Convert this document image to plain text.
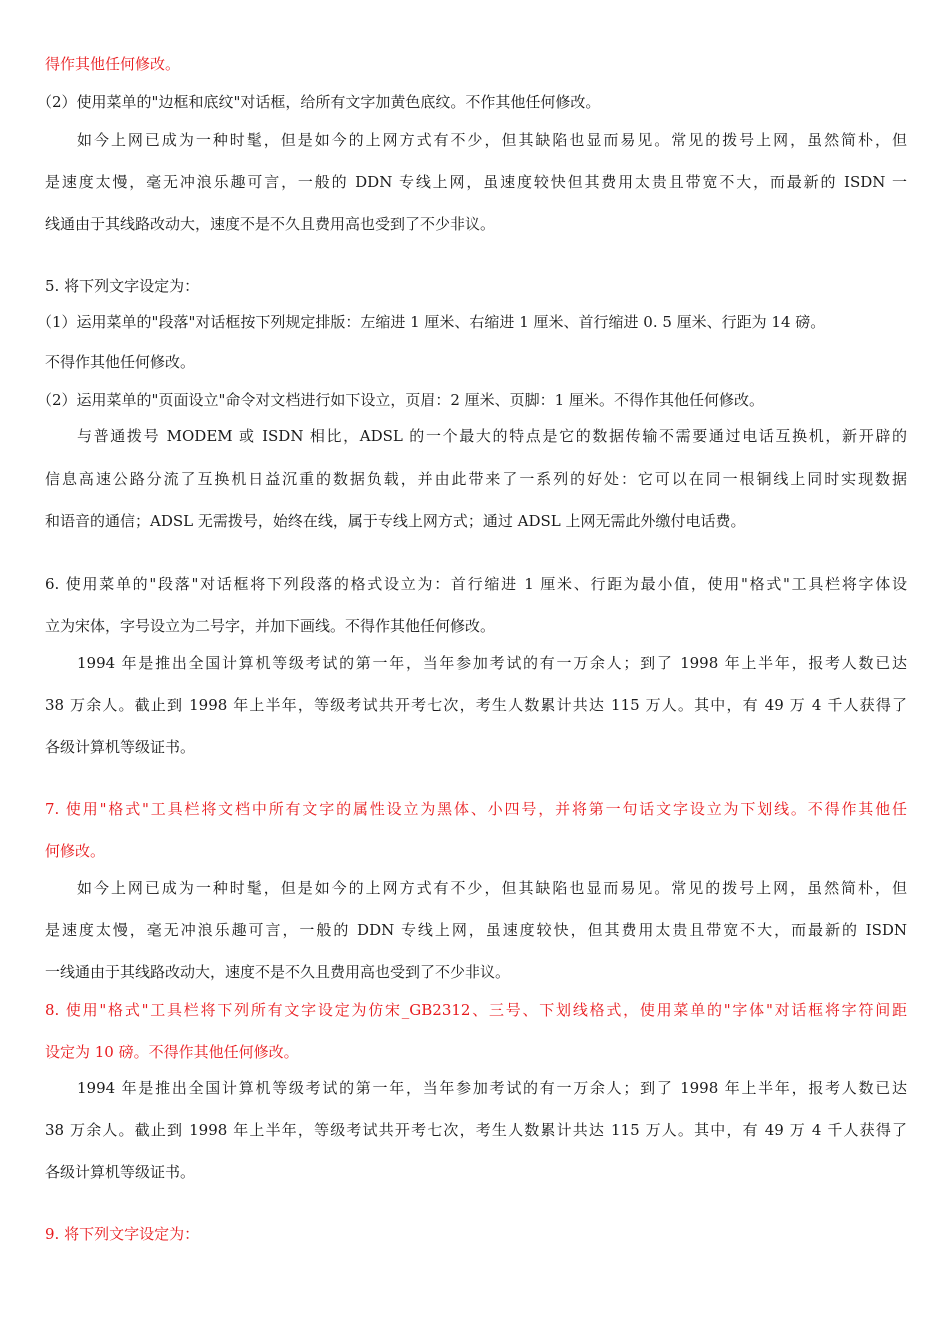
得作其他任何修改。
（2）使用菜单的"边框和底纹"对话框，给所有文字加黄色底纹。不作其他任何修改。
如今上网已成为一种时髦，但是如今的上网方式有不少，但其缺陷也显而易见。常见的拨号上网，虽然简朴，但
是速度太慢，毫无冲浪乐趣可言，一般的 DDN 专线上网，虽速度较快但其费用太贵且带宽不大，而最新的 ISDN 一
线通由于其线路改动大，速度不是不久且费用高也受到了不少非议。
5. 将下列文字设定为：
（1）运用菜单的"段落"对话框按下列规定排版：左缩进 1 厘米、右缩进 1 厘米、首行缩进 0. 5 厘米、行距为 14 磅。
不得作其他任何修改。
（2）运用菜单的"页面设立"命令对文档进行如下设立，页眉：2 厘米、页脚：1 厘米。不得作其他任何修改。
与普通拨号 MODEM 或 ISDN 相比，ADSL 的一个最大的特点是它的数据传输不需要通过电话互换机，新开辟的
信息高速公路分流了互换机日益沉重的数据负载，并由此带来了一系列的好处：它可以在同一根铜线上同时实现数据
和语音的通信；ADSL 无需拨号，始终在线，属于专线上网方式；通过 ADSL 上网无需此外缴付电话费。
6. 使用菜单的"段落"对话框将下列段落的格式设立为：首行缩进 1 厘米、行距为最小值，使用"格式"工具栏将字体设
立为宋体，字号设立为二号字，并加下画线。不得作其他任何修改。
1994 年是推出全国计算机等级考试的第一年，当年参加考试的有一万余人；到了 1998 年上半年，报考人数已达
38 万余人。截止到 1998 年上半年，等级考试共开考七次，考生人数累计共达 115 万人。其中，有 49 万 4 千人获得了
各级计算机等级证书。
7. 使用"格式"工具栏将文档中所有文字的属性设立为黑体、小四号，并将第一句话文字设立为下划线。不得作其他任
何修改。
如今上网已成为一种时髦，但是如今的上网方式有不少，但其缺陷也显而易见。常见的拨号上网，虽然简朴，但
是速度太慢，毫无冲浪乐趣可言，一般的 DDN 专线上网，虽速度较快，但其费用太贵且带宽不大，而最新的 ISDN
一线通由于其线路改动大，速度不是不久且费用高也受到了不少非议。
8. 使用"格式"工具栏将下列所有文字设定为仿宋_GB2312、三号、下划线格式，使用菜单的"字体"对话框将字符间距
设定为 10 磅。不得作其他任何修改。
1994 年是推出全国计算机等级考试的第一年，当年参加考试的有一万余人；到了 1998 年上半年，报考人数已达
38 万余人。截止到 1998 年上半年，等级考试共开考七次，考生人数累计共达 115 万人。其中，有 49 万 4 千人获得了
各级计算机等级证书。
9. 将下列文字设定为：
